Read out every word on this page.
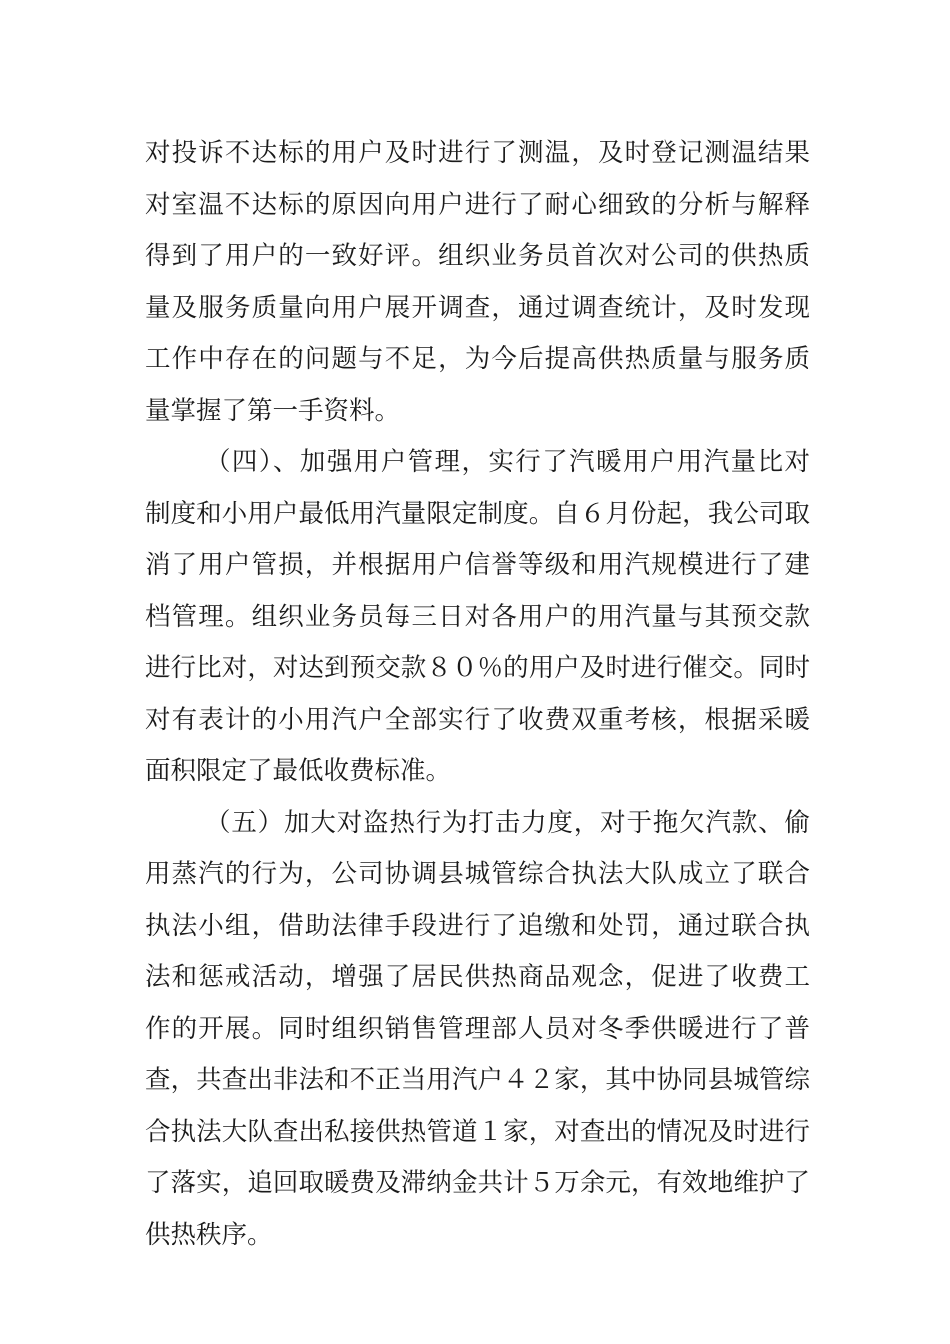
对投诉不达标的用户及时进行了测温，及时登记测温结果
对室温不达标的原因向用户进行了耐心细致的分析与解释
得到了用户的一致好评。组织业务员首次对公司的供热质
量及服务质量向用户展开调查，通过调查统计，及时发现
工作中存在的问题与不足，为今后提高供热质量与服务质
量掌握了第一手资料。
（四）、加强用户管理，实行了汽暖用户用汽量比对
制度和小用户最低用汽量限定制度。自６月份起，我公司取
消了用户管损，并根据用户信誉等级和用汽规模进行了建
档管理。组织业务员每三日对各用户的用汽量与其预交款
进行比对，对达到预交款８０％的用户及时进行催交。同时
对有表计的小用汽户全部实行了收费双重考核，根据采暖
面积限定了最低收费标准。
（五）加大对盗热行为打击力度，对于拖欠汽款、偷
用蒸汽的行为，公司协调县城管综合执法大队成立了联合
执法小组，借助法律手段进行了追缴和处罚，通过联合执
法和惩戒活动，增强了居民供热商品观念，促进了收费工
作的开展。同时组织销售管理部人员对冬季供暖进行了普
查，共查出非法和不正当用汽户４２家，其中协同县城管综
合执法大队查出私接供热管道１家，对查出的情况及时进行
了落实，追回取暖费及滞纳金共计５万余元，有效地维护了
供热秩序。
